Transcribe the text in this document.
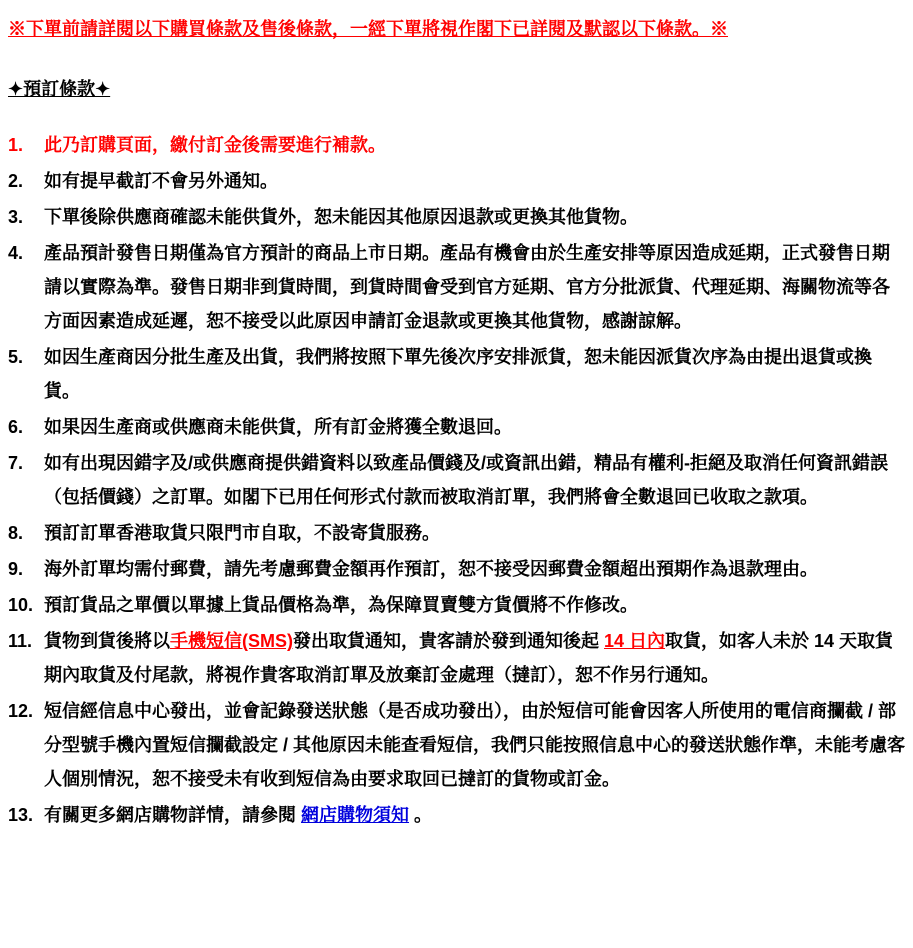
※下單前請詳閱以下購買條款及售後條款，一經下單將視作閣下已詳閱及默認以下條款。※

✦預訂條款✦

1.	此乃訂購頁面，繳付訂金後需要進行補款。
2.	如有提早截訂不會另外通知。
3.	下單後除供應商確認未能供貨外，恕未能因其他原因退款或更換其他貨物。
4.	產品預計發售日期僅為官方預計的商品上市日期。產品有機會由於生產安排等原因造成延期，正式發售日期請以實際為準。發售日期非到貨時間，到貨時間會受到官方延期、官方分批派貨、代理延期、海關物流等各方面因素造成延遲，恕不接受以此原因申請訂金退款或更換其他貨物，感謝諒解。
5.	如因生產商因分批生產及出貨，我們將按照下單先後次序安排派貨，恕未能因派貨次序為由提出退貨或換貨。
6.	如果因生產商或供應商未能供貨，所有訂金將獲全數退回。
7.	如有出現因錯字及/或供應商提供錯資料以致產品價錢及/或資訊出錯，精品有權利-拒絕及取消任何資訊錯誤（包括價錢）之訂單。如閣下已用任何形式付款而被取消訂單，我們將會全數退回已收取之款項。
8.	預訂訂單香港取貨只限門市自取，不設寄貨服務。
9.	海外訂單均需付郵費，請先考慮郵費金額再作預訂，恕不接受因郵費金額超出預期作為退款理由。
10. 預訂貨品之單價以單據上貨品價格為準，為保障買賣雙方貨價將不作修改。
11. 貨物到貨後將以手機短信(SMS)發出取貨通知，貴客請於發到通知後起 14 日內取貨，如客人未於 14 天取貨期內取貨及付尾款，將視作貴客取消訂單及放棄訂金處理（撻訂），恕不作另行通知。
12. 短信經信息中心發出，並會記錄發送狀態（是否成功發出），由於短信可能會因客人所使用的電信商攔截 / 部分型號手機內置短信攔截設定 / 其他原因未能查看短信，我們只能按照信息中心的發送狀態作準，未能考慮客人個別情況，恕不接受未有收到短信為由要求取回已撻訂的貨物或訂金。
13. 有關更多網店購物詳情，請參閱 網店購物須知 。
